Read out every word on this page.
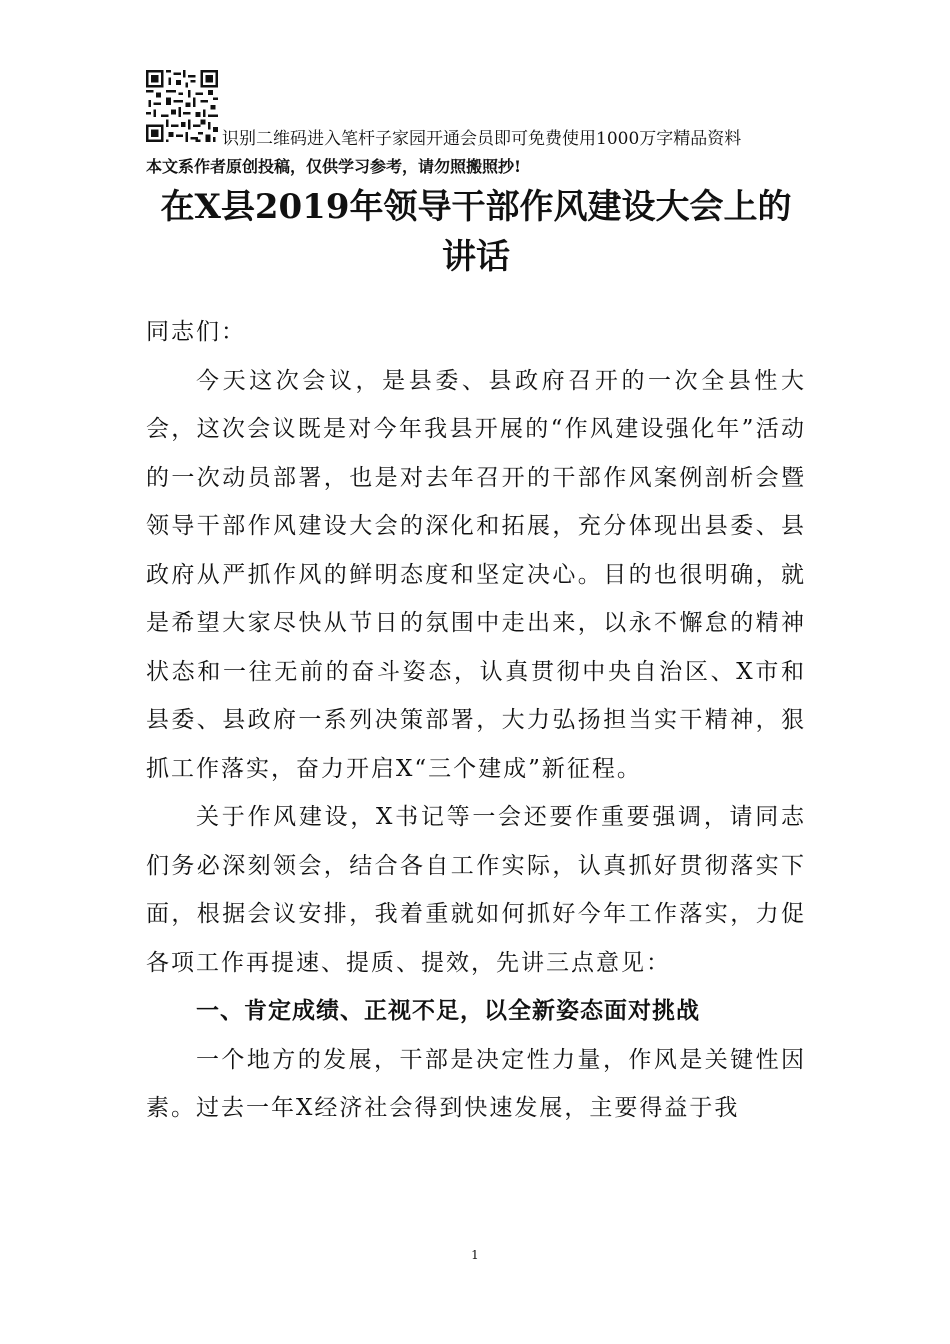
识别二维码进入笔杆子家园开通会员即可免费使用1000万字精品资料
本文系作者原创投稿，仅供学习参考，请勿照搬照抄!
在X县2019年领导干部作风建设大会上的讲话

同志们：

今天这次会议，是县委、县政府召开的一次全县性大会，这次会议既是对今年我县开展的“作风建设强化年”活动的一次动员部署，也是对去年召开的干部作风案例剖析会暨领导干部作风建设大会的深化和拓展，充分体现出县委、县政府从严抓作风的鲜明态度和坚定决心。目的也很明确，就是希望大家尽快从节日的氛围中走出来，以永不懈怠的精神状态和一往无前的奋斗姿态，认真贯彻中央自治区、X市和县委、县政府一系列决策部署，大力弘扬担当实干精神，狠抓工作落实，奋力开启X“三个建成”新征程。

关于作风建设，X书记等一会还要作重要强调，请同志们务必深刻领会，结合各自工作实际，认真抓好贯彻落实下面，根据会议安排，我着重就如何抓好今年工作落实，力促各项工作再提速、提质、提效，先讲三点意见：

一、肯定成绩、正视不足，以全新姿态面对挑战

一个地方的发展，干部是决定性力量，作风是关键性因素。过去一年X经济社会得到快速发展，主要得益于我

1
